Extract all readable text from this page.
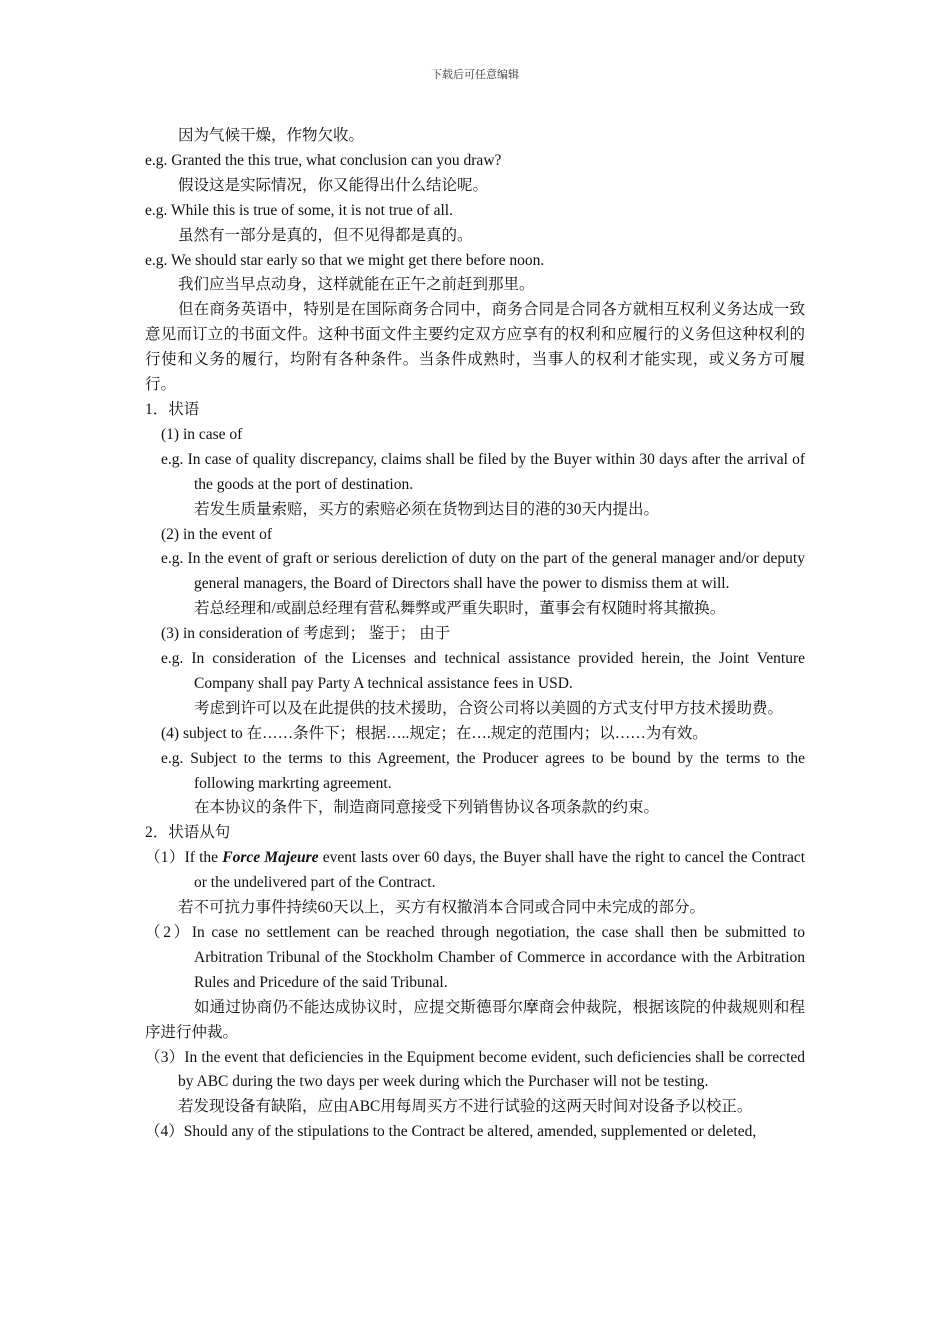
下载后可任意编辑

因为气候干燥，作物欠收。

e.g. Granted the this true, what conclusion can you draw?

假设这是实际情况，你又能得出什么结论呢。

e.g. While this is true of some, it is not true of all.

虽然有一部分是真的，但不见得都是真的。

e.g. We should star early so that we might get there before noon.

我们应当早点动身，这样就能在正午之前赶到那里。

但在商务英语中，特别是在国际商务合同中，商务合同是合同各方就相互权利义务达成一致意见而订立的书面文件。这种书面文件主要约定双方应享有的权利和应履行的义务但这种权利的行使和义务的履行，均附有各种条件。当条件成熟时，当事人的权利才能实现，或义务方可履行。

1．状语

(1) in case of

e.g. In case of quality discrepancy, claims shall be filed by the Buyer within 30 days after the arrival of the goods at the port of destination.

若发生质量索赔，买方的索赔必须在货物到达目的港的30天内提出。

(2) in the event of

e.g. In the event of graft or serious dereliction of duty on the part of the general manager and/or deputy general managers, the Board of Directors shall have the power to dismiss them at will.

若总经理和/或副总经理有营私舞弊或严重失职时，董事会有权随时将其撤换。

(3) in consideration of 考虑到； 鉴于； 由于

e.g. In consideration of the Licenses and technical assistance provided herein, the Joint Venture Company shall pay Party A technical assistance fees in USD.

考虑到许可以及在此提供的技术援助，合资公司将以美圆的方式支付甲方技术援助费。

(4) subject to 在……条件下；根据…..规定；在….规定的范围内；以……为有效。

e.g. Subject to the terms to this Agreement, the Producer agrees to be bound by the terms to the following markrting agreement.

在本协议的条件下，制造商同意接受下列销售协议各项条款的约束。

2．状语从句

（1）If the Force Majeure event lasts over 60 days, the Buyer shall have the right to cancel the Contract or the undelivered part of the Contract.

若不可抗力事件持续60天以上，买方有权撤消本合同或合同中未完成的部分。

（2）In case no settlement can be reached through negotiation, the case shall then be submitted to Arbitration Tribunal of the Stockholm Chamber of Commerce in accordance with the Arbitration Rules and Pricedure of the said Tribunal.

如通过协商仍不能达成协议时，应提交斯德哥尔摩商会仲裁院，根据该院的仲裁规则和程序进行仲裁。

（3）In the event that deficiencies in the Equipment become evident, such deficiencies shall be corrected by ABC during the two days per week during which the Purchaser will not be testing.

若发现设备有缺陷，应由ABC用每周买方不进行试验的这两天时间对设备予以校正。

（4）Should any of the stipulations to the Contract be altered, amended, supplemented or deleted,
